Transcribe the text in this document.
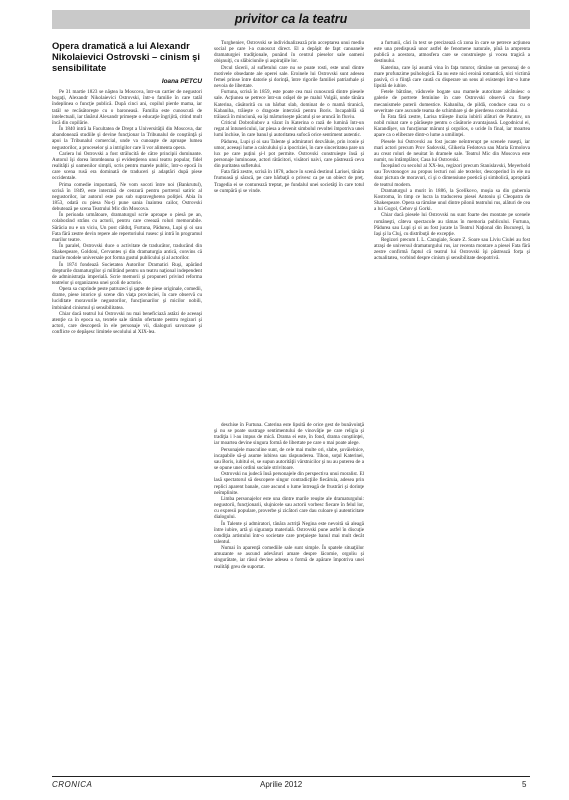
privitor ca la teatru
Opera dramatică a lui Alexandr Nikolaievici Ostrovski – cinism şi sensibilitate
Ioana PETCU

Pe 31 martie 1823 se năştea la Moscova, într-un cartier de negustori bogaţi, Alexandr Nikolaievici Ostrovski, într-o familie în care tatăl îndeplinea o funcţie publică. După cinci ani, copilul pierde mama, iar tatăl se recăsătoreşte cu o baroneasă. Familia este cunoscută de intelectuali, iar tânărul Alexandr primeşte o educaţie îngrijită, citind mult încă din copilărie.

În 1840 intră la Facultatea de Drept a Universităţii din Moscova, dar abandonează studiile şi devine funcţionar la Tribunalul de conştiinţă şi apoi la Tribunalul comercial, unde va cunoaşte de aproape lumea negustorilor, a proceselor şi a intrigilor care îi vor alimenta opera.

Cariera lui Ostrovski a fost strălucită de către principii dominante. Autorul îşi dorea întotdeauna şi evidenţierea unui teatru popular, fidel realităţii şi oamenilor simpli, scris pentru marele public, într-o epocă în care scena rusă era dominată de traduceri şi adaptări după piese occidentale.

Prima comedie importantă, Ne vom socoti între noi (Bankrutul), scrisă în 1849, este interzisă de cenzură pentru portretul satiric al negustorilor, iar autorul este pus sub supravegherea poliţiei. Abia în 1853, odată cu piesa Nu-ţi pune sania înaintea cailor, Ostrovski debutează pe scena Teatrului Mic din Moscova.

În perioada următoare, dramaturgul scrie aproape o piesă pe an, colaborând strâns cu actorii, pentru care creează roluri memorabile. Sărăcia nu e un viciu, Un post călduţ, Furtuna, Pădurea, Lupi şi oi sau Fata fără zestre devin repere ale repertoriului rusesc şi intră în programul marilor teatre.

În paralel, Ostrovski duce o activitate de traducător, traducând din Shakespeare, Goldoni, Cervantes şi din dramaturgia antică, convins că marile modele universale pot forma gustul publicului şi al actorilor.

În 1874 fondează Societatea Autorilor Dramatici Ruşi, apărând drepturile dramaturgilor şi militând pentru un teatru naţional independent de administraţia imperială. Scrie memorii şi propuneri privind reforma teatrelor şi organizarea unei şcoli de actorie.

Opera sa cuprinde peste patruzeci şi şapte de piese originale, comedii, drame, piese istorice şi scene din viaţa provinciei, în care observă cu luciditate moravurile negustorilor, funcţionarilor şi micilor nobili, îmbinând cinismul şi sensibilitatea.

Chiar dacă teatrul lui Ostrovski nu mai beneficiază astăzi de aceeaşi atenţie ca în epoca sa, textele sale rămân ofertante pentru regizori şi actori, care descoperă în ele personaje vii, dialoguri savuroase şi conflicte ce depăşesc limitele secolului al XIX-lea.

Turgheniev, Ostrovski se individualizează prin acceptarea unui mediu social pe care l-a cunoscut direct. El a depăşit de fapt canoanele dramaturgiei tradiţionale, punând în centrul pieselor sale oameni obişnuiţi, cu slăbiciunile şi aspiraţiile lor.

Drcul tăcerii, al sufletului care nu se poate rosti, este unul dintre motivele obsedante ale operei sale. Eroinele lui Ostrovski sunt adesea femei prinse între datorie şi dorinţă, între rigorile familiei patriarhale şi nevoia de libertate.

Furtuna, scrisă în 1859, este poate cea mai cunoscută dintre piesele sale. Acţiunea se petrece într-un orăşel de pe malul Volgăi, unde tânăra Katerina, căsătorită cu un bărbat slab, dominat de o mamă tiranică, Kabaniha, trăieşte o dragoste interzisă pentru Boris. Incapabilă să trăiască în minciună, ea îşi mărturiseşte păcatul şi se aruncă în fluviu.

Criticul Dobroliubov a văzut în Katerina o rază de lumină într-un regat al întunericului, iar piesa a devenit simbolul revoltei împotriva unei lumi închise, în care banul şi autoritatea sufocă orice sentiment autentic.

Pădurea, Lupi şi oi sau Talente şi admiratori dezvăluie, prin ironie şi umor, aceeaşi lume a calculului şi a ipocriziei, în care sinceritatea pare un lux pe care puţini şi-l pot permite. Ostrovski construieşte însă şi personaje luminoase, actori rătăcitori, visători naivi, care păstrează ceva din puritatea sufletului.

Fata fără zestre, scrisă în 1878, aduce în scenă destinul Larisei, tânăra frumoasă şi săracă, pe care bărbaţii o privesc ca pe un obiect de preţ. Tragedia ei se conturează treptat, pe fundalul unei societăţi în care totul se cumpără şi se vinde.

deschise în Furtuna. Caterina este lipsită de orice gest de bunăvoinţă şi nu se poate sustrage sentimentului de vinovăţie pe care religia şi tradiţia i l-au impus de mică. Drama ei este, în fond, drama conştiinţei, iar moartea devine singura formă de libertate pe care o mai poate alege.

Personajele masculine sunt, de cele mai multe ori, slabe, şovăielnice, incapabile să-şi asume iubirea sau răspunderea. Tihon, soţul Katerinei, sau Boris, iubitul ei, se supun autorităţii vârstnicilor şi nu au puterea de a se opune unei ordini sociale strivitoare.

Ostrovski nu judecă însă personajele din perspectiva unui moralist. El lasă spectatorul să descopere singur contradicţiile fiecăruia, adesea prin replici aparent banale, care ascund o lume întreagă de frustrări şi dorinţe neîmplinite.

Limba personajelor este una dintre marile reuşite ale dramaturgului: negustorii, funcţionarii, slujnicele sau actorii vorbesc fiecare în felul lor, cu expresii populare, proverbe şi zicători care dau culoare şi autenticitate dialogului.

În Talente şi admiratori, tânăra actriţă Negina este nevoită să aleagă între iubire, artă şi siguranţa materială. Ostrovski pune astfel în discuţie condiţia artistului într-o societate care preţuieşte banul mai mult decât talentul.

Numai în aparenţă comediile sale sunt simple. În spatele situaţiilor amuzante se ascund adevăruri amare despre lăcomie, orgoliu şi singurătate, iar râsul devine adesea o formă de apărare împotriva unei realităţi greu de suportat.

a furtunii, căci în text se precizează că zona în care se petrece acţiunea este una predispusă unor astfel de fenomene naturale, pînă la amprenta publică a acestora, atmosfera care se construieşte şi vocea tragică a destinului.

Katerina, care îşi asumă vina în faţa tuturor, rămâne un personaj de o mare profunzime psihologică. Ea nu este nici eroină romantică, nici victimă pasivă, ci o fiinţă care caută cu disperare un sens al existenţei într-o lume lipsită de iubire.

Fetele bătrâne, văduvele bogate sau mamele autoritare alcătuiesc o galerie de portrete feminine în care Ostrovski observă cu fineţe mecanismele puterii domestice. Kabaniha, de pildă, conduce casa cu o severitate care ascunde teama de schimbare şi de pierderea controlului.

În Fata fără zestre, Larisa trăieşte iluzia iubirii alături de Paratov, un nobil ruinat care o părăseşte pentru o căsătorie avantajoasă. Logodnicul ei, Karandîşev, un funcţionar mărunt şi orgolios, o ucide în final, iar moartea apare ca o eliberare dintr-o lume a umilinţei.

Piesele lui Ostrovski au fost jucate neîntrerupt pe scenele ruseşti, iar mari actori precum Prov Sadovski, Glikeria Fedotova sau Maria Ermolova au creat roluri de neuitat în dramele sale. Teatrul Mic din Moscova este numit, nu întâmplător, Casa lui Ostrovski.

Începând cu secolul al XX-lea, regizori precum Stanislavski, Meyerhold sau Tovstonogov au propus lecturi noi ale textelor, descoperind în ele nu doar pictura de moravuri, ci şi o dimensiune poetică şi simbolică, apropiată de teatrul modern.

Dramaturgul a murit în 1886, la Şcelîkovo, moşia sa din gubernia Kostroma, în timp ce lucra la traducerea piesei Antoniu şi Cleopatra de Shakespeare. Opera sa rămâne unul dintre pilonii teatrului rus, alături de cea a lui Gogol, Cehov şi Gorki.

Chiar dacă piesele lui Ostrovski nu sunt foarte des montate pe scenele româneşti, câteva spectacole au rămas în memoria publicului. Furtuna, Pădurea sau Lupi şi oi au fost jucate la Teatrul Naţional din Bucureşti, la Iaşi şi la Cluj, cu distribuţii de excepţie.

Regizori precum I. L. Caragiale, Soare Z. Soare sau Liviu Ciulei au fost atraşi de universul dramaturgului rus, iar recenta montare a piesei Fata fără zestre confirmă faptul că teatrul lui Ostrovski îşi păstrează forţa şi actualitatea, vorbind despre cinism şi sensibilitate deopotrivă.

CRONICA	Aprilie 2012	5
